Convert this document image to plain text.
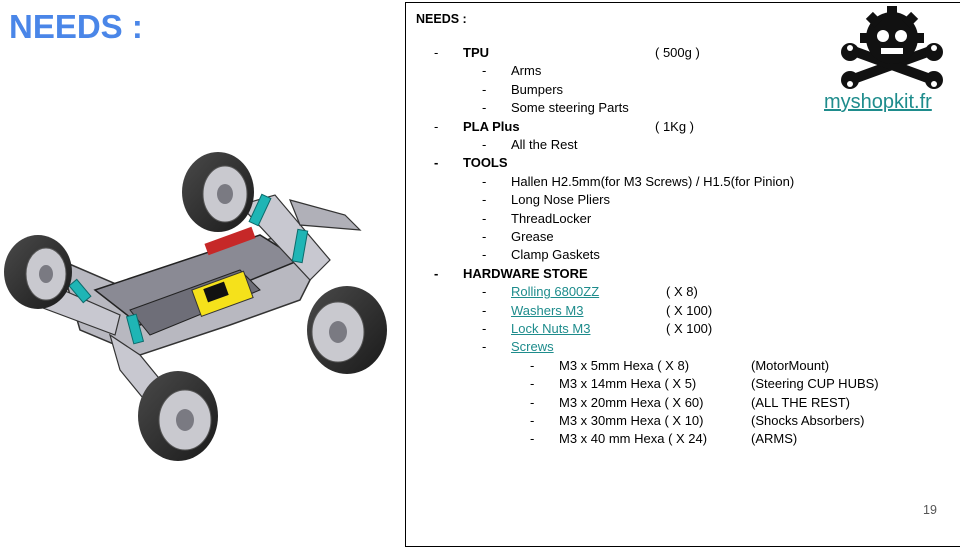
NEEDS :	NEEDS :
- TPU	( 500g )
- Arms
- Bumpers
- Some steering Parts
- PLA Plus	( 1Kg )
- All the Rest
- TOOLS
- Hallen H2.5mm(for M3 Screws) / H1.5(for Pinion)
- Long Nose Pliers
- ThreadLocker
- Grease
- Clamp Gaskets
- HARDWARE STORE
- Rolling 6800ZZ	( X 8)
- Washers M3	( X 100)
- Lock Nuts M3	( X 100)
- Screws
- M3 x 5mm Hexa ( X 8)	(MotorMount)
- M3 x 14mm Hexa ( X 5)	(Steering CUP HUBS)
- M3 x 20mm Hexa ( X 60)	(ALL THE REST)
- M3 x 30mm Hexa ( X 10)	(Shocks Absorbers)
- M3 x 40 mm Hexa ( X 24)	(ARMS)
myshopkit.fr
19
